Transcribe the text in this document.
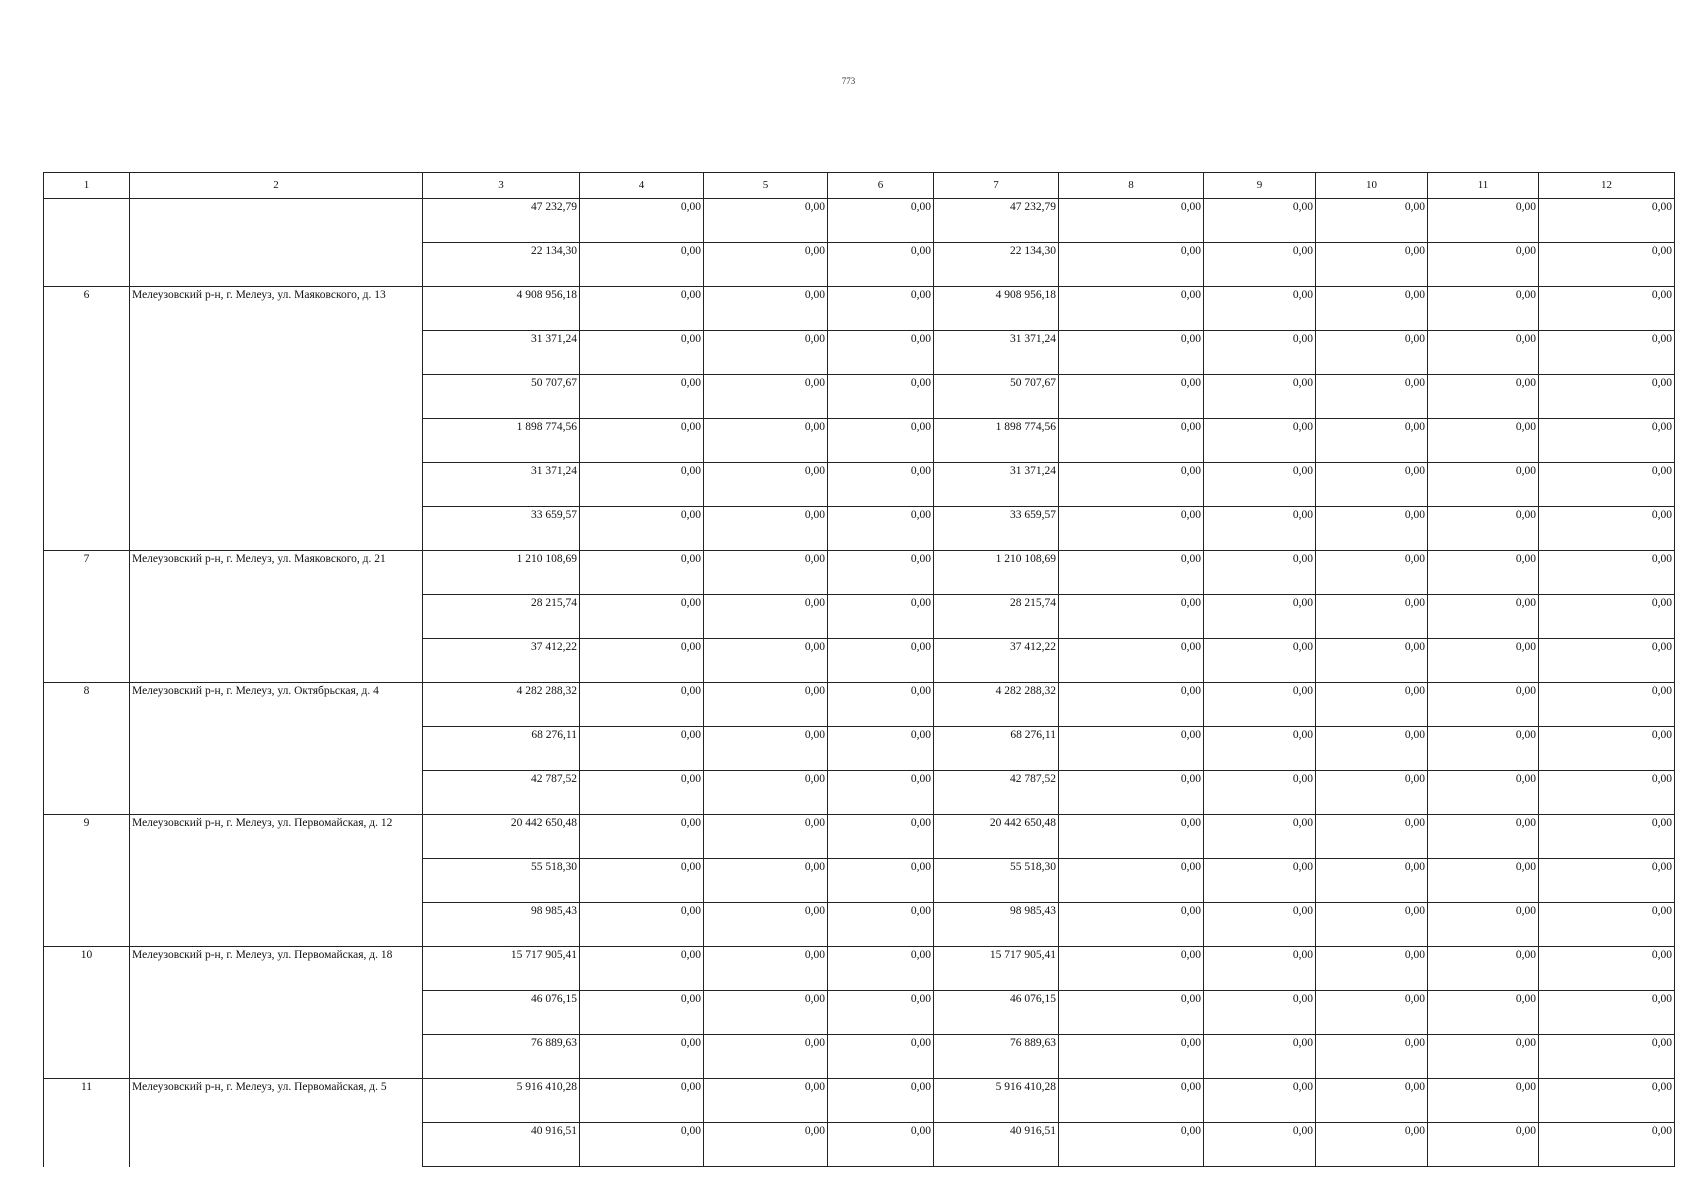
773
1	2	3	4	5	6	7	8	9	10	11	12
		47 232,79	0,00	0,00	0,00	47 232,79	0,00	0,00	0,00	0,00	0,00
		22 134,30	0,00	0,00	0,00	22 134,30	0,00	0,00	0,00	0,00	0,00
6	Мелеузовский р-н, г. Мелеуз, ул. Маяковского, д. 13	4 908 956,18	0,00	0,00	0,00	4 908 956,18	0,00	0,00	0,00	0,00	0,00
		31 371,24	0,00	0,00	0,00	31 371,24	0,00	0,00	0,00	0,00	0,00
		50 707,67	0,00	0,00	0,00	50 707,67	0,00	0,00	0,00	0,00	0,00
		1 898 774,56	0,00	0,00	0,00	1 898 774,56	0,00	0,00	0,00	0,00	0,00
		31 371,24	0,00	0,00	0,00	31 371,24	0,00	0,00	0,00	0,00	0,00
		33 659,57	0,00	0,00	0,00	33 659,57	0,00	0,00	0,00	0,00	0,00
7	Мелеузовский р-н, г. Мелеуз, ул. Маяковского, д. 21	1 210 108,69	0,00	0,00	0,00	1 210 108,69	0,00	0,00	0,00	0,00	0,00
		28 215,74	0,00	0,00	0,00	28 215,74	0,00	0,00	0,00	0,00	0,00
		37 412,22	0,00	0,00	0,00	37 412,22	0,00	0,00	0,00	0,00	0,00
8	Мелеузовский р-н, г. Мелеуз, ул. Октябрьская, д. 4	4 282 288,32	0,00	0,00	0,00	4 282 288,32	0,00	0,00	0,00	0,00	0,00
		68 276,11	0,00	0,00	0,00	68 276,11	0,00	0,00	0,00	0,00	0,00
		42 787,52	0,00	0,00	0,00	42 787,52	0,00	0,00	0,00	0,00	0,00
9	Мелеузовский р-н, г. Мелеуз, ул. Первомайская, д. 12	20 442 650,48	0,00	0,00	0,00	20 442 650,48	0,00	0,00	0,00	0,00	0,00
		55 518,30	0,00	0,00	0,00	55 518,30	0,00	0,00	0,00	0,00	0,00
		98 985,43	0,00	0,00	0,00	98 985,43	0,00	0,00	0,00	0,00	0,00
10	Мелеузовский р-н, г. Мелеуз, ул. Первомайская, д. 18	15 717 905,41	0,00	0,00	0,00	15 717 905,41	0,00	0,00	0,00	0,00	0,00
		46 076,15	0,00	0,00	0,00	46 076,15	0,00	0,00	0,00	0,00	0,00
		76 889,63	0,00	0,00	0,00	76 889,63	0,00	0,00	0,00	0,00	0,00
11	Мелеузовский р-н, г. Мелеуз, ул. Первомайская, д. 5	5 916 410,28	0,00	0,00	0,00	5 916 410,28	0,00	0,00	0,00	0,00	0,00
		40 916,51	0,00	0,00	0,00	40 916,51	0,00	0,00	0,00	0,00	0,00
